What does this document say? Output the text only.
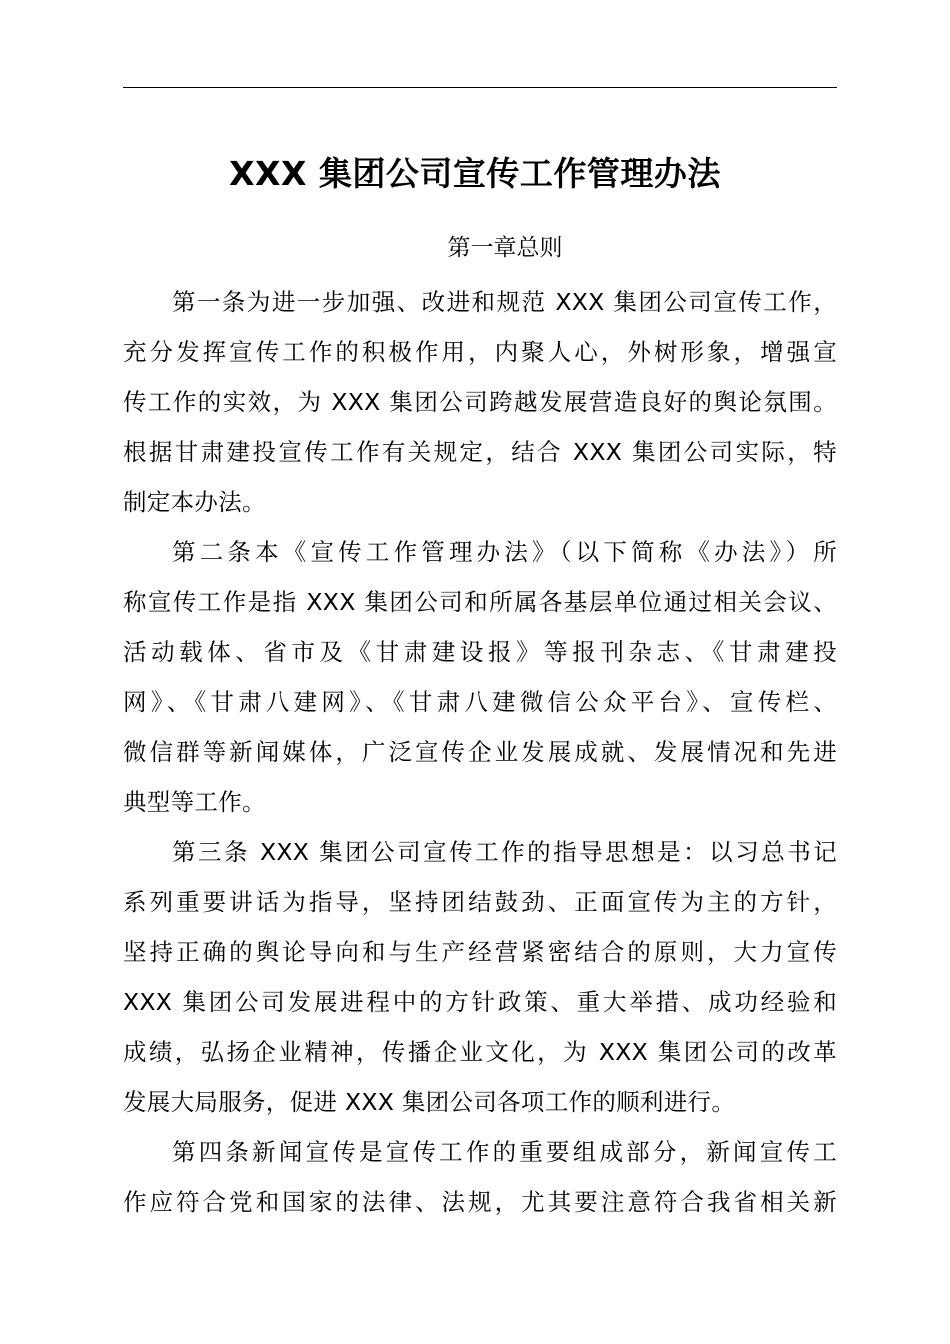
XXX 集团公司宣传工作管理办法
第一章总则
第一条为进一步加强、改进和规范 XXX 集团公司宣传工作，
充分发挥宣传工作的积极作用，内聚人心，外树形象，增强宣
传工作的实效，为 XXX 集团公司跨越发展营造良好的舆论氛围。
根据甘肃建投宣传工作有关规定，结合 XXX 集团公司实际，特
制定本办法。
第二条本《宣传工作管理办法》（以下简称《办法》）所
称宣传工作是指 XXX 集团公司和所属各基层单位通过相关会议、
活动载体、省市及《甘肃建设报》等报刊杂志、《甘肃建投
网》、《甘肃八建网》、《甘肃八建微信公众平台》、宣传栏、
微信群等新闻媒体，广泛宣传企业发展成就、发展情况和先进
典型等工作。
第三条 XXX 集团公司宣传工作的指导思想是：以习总书记
系列重要讲话为指导，坚持团结鼓劲、正面宣传为主的方针，
坚持正确的舆论导向和与生产经营紧密结合的原则，大力宣传
XXX 集团公司发展进程中的方针政策、重大举措、成功经验和
成绩，弘扬企业精神，传播企业文化，为 XXX 集团公司的改革
发展大局服务，促进 XXX 集团公司各项工作的顺利进行。
第四条新闻宣传是宣传工作的重要组成部分，新闻宣传工
作应符合党和国家的法律、法规，尤其要注意符合我省相关新
